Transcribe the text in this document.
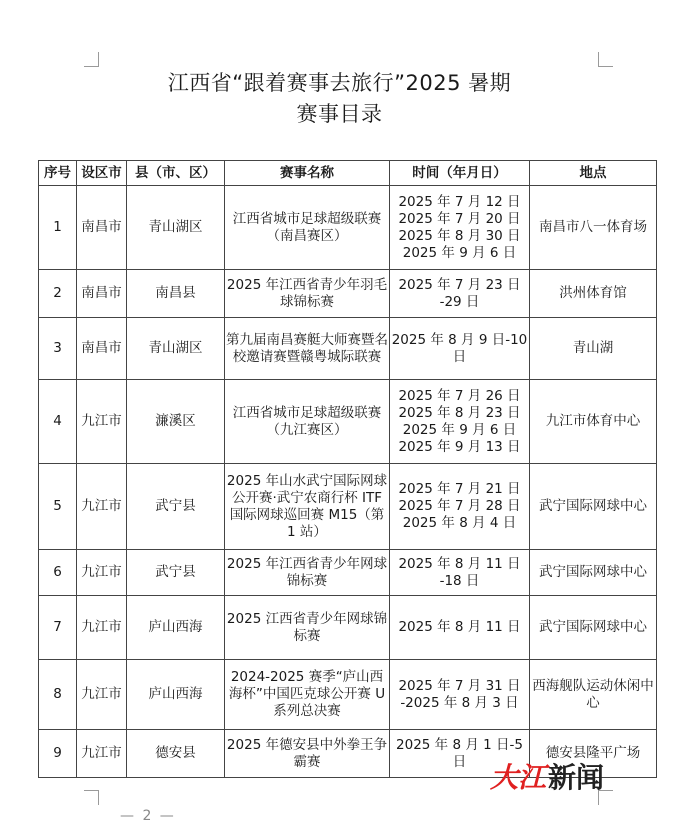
江西省“跟着赛事去旅行”2025 暑期
赛事目录
序号	设区市	县（市、区）	赛事名称	时间（年月日）	地点
1	南昌市	青山湖区	江西省城市足球超级联赛（南昌赛区）	2025 年 7 月 12 日
2025 年 7 月 20 日
2025 年 8 月 30 日
2025 年 9 月 6 日	南昌市八一体育场
2	南昌市	南昌县	2025 年江西省青少年羽毛球锦标赛	2025 年 7 月 23 日
-29 日	洪州体育馆
3	南昌市	青山湖区	第九届南昌赛艇大师赛暨名校邀请赛暨赣粤城际联赛	2025 年 8 月 9 日-10
日	青山湖
4	九江市	濂溪区	江西省城市足球超级联赛（九江赛区）	2025 年 7 月 26 日
2025 年 8 月 23 日
2025 年 9 月 6 日
2025 年 9 月 13 日	九江市体育中心
5	九江市	武宁县	2025 年山水武宁国际网球公开赛·武宁农商行杯 ITF 国际网球巡回赛 M15（第 1 站）	2025 年 7 月 21 日
2025 年 7 月 28 日
2025 年 8 月 4 日	武宁国际网球中心
6	九江市	武宁县	2025 年江西省青少年网球锦标赛	2025 年 8 月 11 日
-18 日	武宁国际网球中心
7	九江市	庐山西海	2025 江西省青少年网球锦标赛	2025 年 8 月 11 日	武宁国际网球中心
8	九江市	庐山西海	2024-2025 赛季“庐山西海杯”中国匹克球公开赛 U 系列总决赛	2025 年 7 月 31 日
-2025 年 8 月 3 日	西海舰队运动休闲中心
9	九江市	德安县	2025 年德安县中外拳王争霸赛	2025 年 8 月 1 日-5
日	德安县隆平广场
— 2 —
大江新闻
